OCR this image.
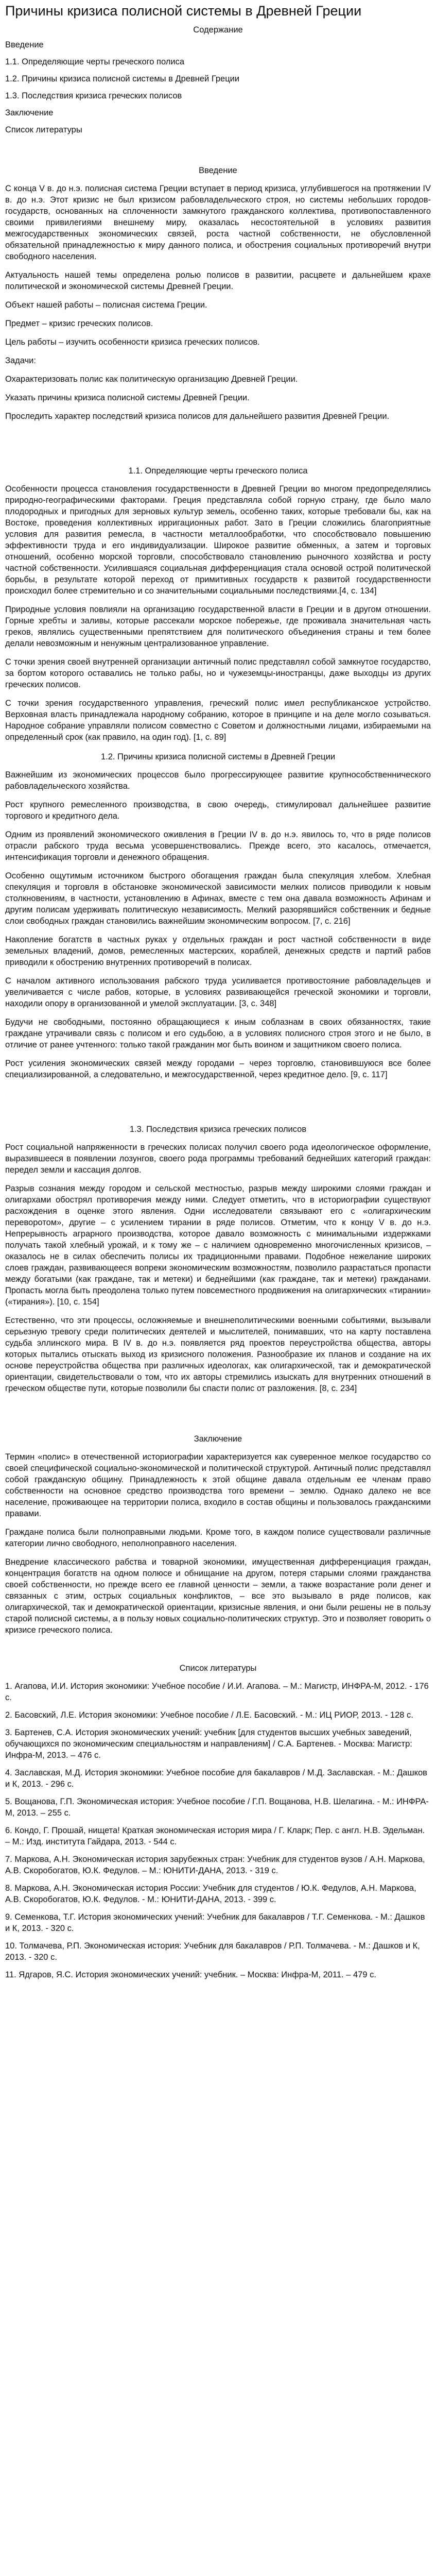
Причины кризиса полисной системы в Древней Греции
Содержание
Введение
1.1. Определяющие черты греческого полиса
1.2. Причины кризиса полисной системы в Древней Греции
1.3. Последствия кризиса греческих полисов
Заключение
Список литературы
Введение

С конца V в. до н.э. полисная система Греции вступает в период кризиса, углубившегося на протяжении IV в. до н.э. Этот кризис не был кризисом рабовладельческого строя, но системы небольших городов-государств, основанных на сплоченности замкнутого гражданского коллектива, противопоставленного своими привилегиями внешнему миру, оказалась несостоятельной в условиях развития межгосударственных экономических связей, роста частной собственности, не обусловленной обязательной принадлежностью к миру данного полиса, и обострения социальных противоречий внутри свободного населения.

Актуальность нашей темы определена ролью полисов в развитии, расцвете и дальнейшем крахе политической и экономической системы Древней Греции.

Объект нашей работы – полисная система Греции.

Предмет – кризис греческих полисов.

Цель работы – изучить особенности кризиса греческих полисов.

Задачи:

Охарактеризовать полис как политическую организацию Древней Греции.

Указать причины кризиса полисной системы Древней Греции.

Проследить характер последствий кризиса полисов для дальнейшего развития Древней Греции.

1.1. Определяющие черты греческого полиса

Особенности процесса становления государственности в Древней Греции во многом предопределялись природно-географическими факторами. Греция представляла собой горную страну, где было мало плодородных и пригодных для зерновых культур земель, особенно таких, которые требовали бы, как на Востоке, проведения коллективных ирригационных работ. Зато в Греции сложились благоприятные условия для развития ремесла, в частности металлообработки, что способствовало повышению эффективности труда и его индивидуализации. Широкое развитие обменных, а затем и торговых отношений, особенно морской торговли, способствовало становлению рыночного хозяйства и росту частной собственности. Усилившаяся социальная дифференциация стала основой острой политической борьбы, в результате которой переход от примитивных государств к развитой государственности происходил более стремительно и со значительными социальными последствиями.[4, c. 134]

Природные условия повлияли на организацию государственной власти в Греции и в другом отношении. Горные хребты и заливы, которые рассекали морское побережье, где проживала значительная часть греков, являлись существенными препятствием для политического объединения страны и тем более делали невозможным и ненужным централизованное управление.

С точки зрения своей внутренней организации античный полис представлял собой замкнутое государство, за бортом которого оставались не только рабы, но и чужеземцы-иностранцы, даже выходцы из других греческих полисов.

С точки зрения государственного управления, греческий полис имел республиканское устройство. Верховная власть принадлежала народному собранию, которое в принципе и на деле могло созываться. Народное собрание управляли полисом совместно с Советом и должностными лицами, избираемыми на определенный срок (как правило, на один год). [1, c. 89]

1.2. Причины кризиса полисной системы в Древней Греции

Важнейшим из экономических процессов было прогрессирующее развитие крупнособственнического рабовладельческого хозяйства.

Рост крупного ремесленного производства, в свою очередь, стимулировал дальнейшее развитие торгового и кредитного дела.

Одним из проявлений экономического оживления в Греции IV в. до н.э. явилось то, что в ряде полисов отрасли рабского труда весьма усовершенствовались. Прежде всего, это касалось, отмечается, интенсификация торговли и денежного обращения.

Особенно ощутимым источником быстрого обогащения граждан была спекуляция хлебом. Хлебная спекуляция и торговля в обстановке экономической зависимости мелких полисов приводили к новым столкновениям, в частности, установлению в Афинах, вместе с тем она давала возможность Афинам и другим полисам удерживать политическую независимость. Мелкий разорявшийся собственник и бедные слои свободных граждан становились важнейшим экономическим вопросом. [7, c. 216]

Накопление богатств в частных руках у отдельных граждан и рост частной собственности в виде земельных владений, домов, ремесленных мастерских, кораблей, денежных средств и партий рабов приводили к обострению внутренних противоречий в полисах.

С началом активного использования рабского труда усиливается противостояние рабовладельцев и увеличивается с числе рабов, которые, в условиях развивающейся греческой экономики и торговли, находили опору в организованной и умелой эксплуатации. [3, c. 348]

Будучи не свободными, постоянно обращающиеся к иным соблазнам в своих обязанностях, такие граждане утрачивали связь с полисом и его судьбою, а в условиях полисного строя этого и не было, в отличие от ранее учтенного: только такой гражданин мог быть воином и защитником своего полиса.

Рост усиления экономических связей между городами – через торговлю, становившуюся все более специализированной, а следовательно, и межгосударственной, через кредитное дело. [9, c. 117]

1.3. Последствия кризиса греческих полисов

Рост социальной напряженности в греческих полисах получил своего рода идеологическое оформление, выразившееся в появлении лозунгов, своего рода программы требований беднейших категорий граждан: передел земли и кассация долгов.

Разрыв сознания между городом и сельской местностью, разрыв между широкими слоями граждан и олигархами обострял противоречия между ними. Следует отметить, что в историографии существуют расхождения в оценке этого явления. Одни исследователи связывают его с «олигархическим переворотом», другие – с усилением тирании в ряде полисов. Отметим, что к концу V в. до н.э. Непрерывность аграрного производства, которое давало возможность с минимальными издержками получать такой хлебный урожай, и к тому же – с наличием одновременно многочисленных кризисов, – оказалось не в силах обеспечить полисы их традиционными правами. Подобное нежелание широких слоев граждан, развивающееся вопреки экономическим возможностям, позволило разрастаться пропасти между богатыми (как граждане, так и метеки) и беднейшими (как граждане, так и метеки) гражданами. Пропасть могла быть преодолена только путем повсеместного продвижения на олигархических «тирании» («тирания»). [10, c. 154]

Естественно, что эти процессы, осложняемые и внешнеполитическими военными событиями, вызывали серьезную тревогу среди политических деятелей и мыслителей, понимавших, что на карту поставлена судьба эллинского мира. В IV в. до н.э. появляется ряд проектов переустройства общества, авторы которых пытались отыскать выход из кризисного положения. Разнообразие их планов и создание на их основе переустройства общества при различных идеологах, как олигархической, так и демократической ориентации, свидетельствовали о том, что их авторы стремились изыскать для внутренних отношений в греческом обществе пути, которые позволили бы спасти полис от разложения. [8, c. 234]

Заключение

Термин «полис» в отечественной историографии характеризуется как суверенное мелкое государство со своей специфической социально-экономической и политической структурой. Античный полис представлял собой гражданскую общину. Принадлежность к этой общине давала отдельным ее членам право собственности на основное средство производства того времени – землю. Однако далеко не все население, проживающее на территории полиса, входило в состав общины и пользовалось гражданскими правами.

Граждане полиса были полноправными людьми. Кроме того, в каждом полисе существовали различные категории лично свободного, неполноправного населения.

Внедрение классического рабства и товарной экономики, имущественная дифференциация граждан, концентрация богатств на одном полюсе и обнищание на другом, потеря старыми слоями гражданства своей собственности, но прежде всего ее главной ценности – земли, а также возрастание роли денег и связанных с этим, острых социальных конфликтов, – все это вызывало в ряде полисов, как олигархической, так и демократической ориентации, кризисные явления, и они были решены не в пользу старой полисной системы, а в пользу новых социально-политических структур. Это и позволяет говорить о кризисе греческого полиса.

Список литературы
1. Агапова, И.И. История экономики: Учебное пособие / И.И. Агапова. – М.: Магистр, ИНФРА-М, 2012. - 176 с.
2. Басовский, Л.Е. История экономики: Учебное пособие / Л.Е. Басовский. - М.: ИЦ РИОР, 2013. - 128 с.
3. Бартенев, С.А. История экономических учений: учебник [для студентов высших учебных заведений, обучающихся по экономическим специальностям и направлениям] / С.А. Бартенев. - Москва: Магистр: Инфра-М, 2013. – 476 с.
4. Заславская, М.Д. История экономики: Учебное пособие для бакалавров / М.Д. Заславская. - М.: Дашков и К, 2013. - 296 с.
5. Вощанова, Г.П. Экономическая история: Учебное пособие / Г.П. Вощанова, Н.В. Шелагина. - М.: ИНФРА-М, 2013. – 255 с.
6. Кондо, Г. Прошай, нищета! Краткая экономическая история мира / Г. Кларк; Пер. с англ. Н.В. Эдельман. – М.: Изд. института Гайдара, 2013. - 544 с.
7. Маркова, А.Н. Экономическая история зарубежных стран: Учебник для студентов вузов / А.Н. Маркова, А.В. Скоробогатов, Ю.К. Федулов. – М.: ЮНИТИ-ДАНА, 2013. - 319 с.
8. Маркова, А.Н. Экономическая история России: Учебник для студентов / Ю.К. Федулов, А.Н. Маркова, А.В. Скоробогатов, Ю.К. Федулов. - М.: ЮНИТИ-ДАНА, 2013. - 399 с.
9. Семенкова, Т.Г. История экономических учений: Учебник для бакалавров / Т.Г. Семенкова. - М.: Дашков и К, 2013. - 320 с.
10. Толмачева, Р.П. Экономическая история: Учебник для бакалавров / Р.П. Толмачева. - М.: Дашков и К, 2013. - 320 с.
11. Ядгаров, Я.С. История экономических учений: учебник. – Москва: Инфра-М, 2011. – 479 с.
